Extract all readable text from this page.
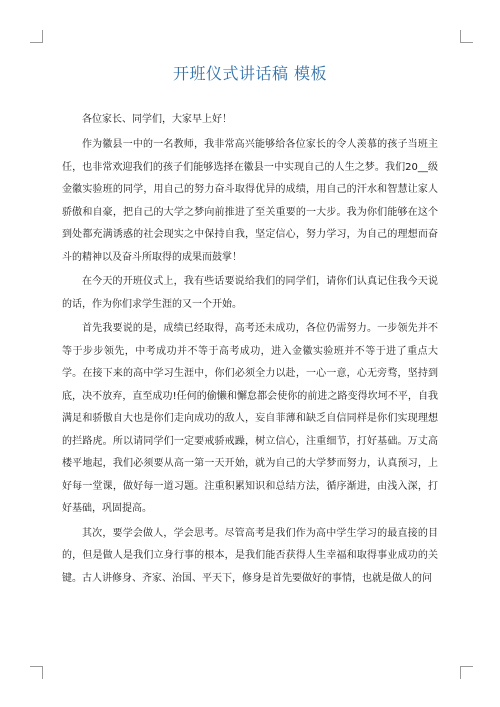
开班仪式讲话稿 模板

各位家长、同学们，大家早上好！

作为徽县一中的一名教师，我非常高兴能够给各位家长的令人羡慕的孩子当班主任，也非常欢迎我们的孩子们能够选择在徽县一中实现自己的人生之梦。我们20__级金徽实验班的同学，用自己的努力奋斗取得优异的成绩，用自己的汗水和智慧让家人骄傲和自豪，把自己的大学之梦向前推进了至关重要的一大步。我为你们能够在这个到处都充满诱惑的社会现实之中保持自我，坚定信心，努力学习，为自己的理想而奋斗的精神以及奋斗所取得的成果而鼓掌！

在今天的开班仪式上，我有些话要说给我们的同学们，请你们认真记住我今天说的话，作为你们求学生涯的又一个开始。

首先我要说的是，成绩已经取得，高考还未成功，各位仍需努力。一步领先并不等于步步领先，中考成功并不等于高考成功，进入金徽实验班并不等于进了重点大学。在接下来的高中学习生涯中，你们必须全力以赴，一心一意，心无旁骛，坚持到底，决不放弃，直至成功!任何的偷懒和懈怠都会使你的前进之路变得坎坷不平，自我满足和骄傲自大也是你们走向成功的敌人，妄自菲薄和缺乏自信同样是你们实现理想的拦路虎。所以请同学们一定要戒骄戒躁，树立信心，注重细节，打好基础。万丈高楼平地起，我们必须要从高一第一天开始，就为自己的大学梦而努力，认真预习，上好每一堂课，做好每一道习题。注重积累知识和总结方法，循序渐进，由浅入深，打好基础，巩固提高。

其次，要学会做人，学会思考。尽管高考是我们作为高中学生学习的最直接的目的，但是做人是我们立身行事的根本，是我们能否获得人生幸福和取得事业成功的关键。古人讲修身、齐家、治国、平天下，修身是首先要做好的事情，也就是做人的问
